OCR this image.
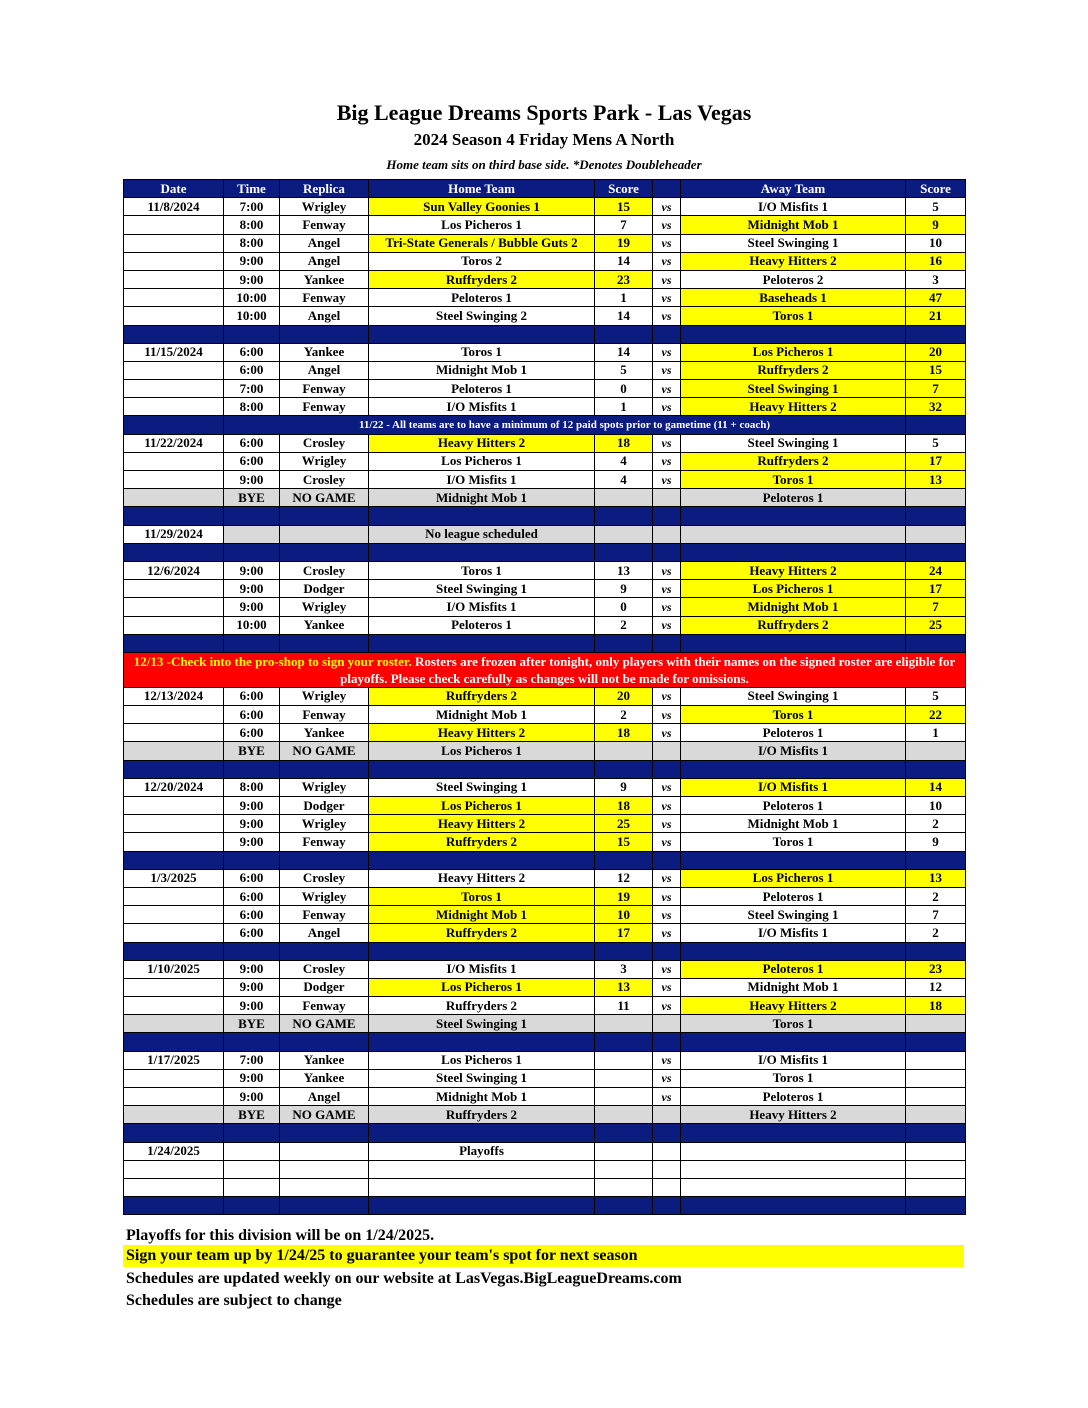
Big League Dreams Sports Park - Las Vegas
2024 Season 4 Friday Mens A North
Home team sits on third base side. *Denotes Doubleheader
Date	Time	Replica	Home Team	Score		Away Team	Score
11/8/2024	7:00	Wrigley	Sun Valley Goonies 1	15	vs	I/O Misfits 1	5
	8:00	Fenway	Los Picheros 1	7	vs	Midnight Mob 1	9
	8:00	Angel	Tri-State Generals / Bubble Guts 2	19	vs	Steel Swinging 1	10
	9:00	Angel	Toros 2	14	vs	Heavy Hitters 2	16
	9:00	Yankee	Ruffryders 2	23	vs	Peloteros 2	3
	10:00	Fenway	Peloteros 1	1	vs	Baseheads 1	47
	10:00	Angel	Steel Swinging 2	14	vs	Toros 1	21

11/15/2024	6:00	Yankee	Toros 1	14	vs	Los Picheros 1	20
	6:00	Angel	Midnight Mob 1	5	vs	Ruffryders 2	15
	7:00	Fenway	Peloteros 1	0	vs	Steel Swinging 1	7
	8:00	Fenway	I/O Misfits 1	1	vs	Heavy Hitters 2	32
	11/22 - All teams are to have a minimum of 12 paid spots prior to gametime (11 + coach)						
11/22/2024	6:00	Crosley	Heavy Hitters 2	18	vs	Steel Swinging 1	5
	6:00	Wrigley	Los Picheros 1	4	vs	Ruffryders 2	17
	9:00	Crosley	I/O Misfits 1	4	vs	Toros 1	13
	BYE	NO GAME	Midnight Mob 1			Peloteros 1	

11/29/2024			No league scheduled				

12/6/2024	9:00	Crosley	Toros 1	13	vs	Heavy Hitters 2	24
	9:00	Dodger	Steel Swinging 1	9	vs	Los Picheros 1	17
	9:00	Wrigley	I/O Misfits 1	0	vs	Midnight Mob 1	7
	10:00	Yankee	Peloteros 1	2	vs	Ruffryders 2	25

12/13 -Check into the pro-shop to sign your roster. Rosters are frozen after tonight, only players with their names on the signed roster are eligible for playoffs. Please check carefully as changes will not be made for omissions.							
12/13/2024	6:00	Wrigley	Ruffryders 2	20	vs	Steel Swinging 1	5
	6:00	Fenway	Midnight Mob 1	2	vs	Toros 1	22
	6:00	Yankee	Heavy Hitters 2	18	vs	Peloteros 1	1
	BYE	NO GAME	Los Picheros 1			I/O Misfits 1	

12/20/2024	8:00	Wrigley	Steel Swinging 1	9	vs	I/O Misfits 1	14
	9:00	Dodger	Los Picheros 1	18	vs	Peloteros 1	10
	9:00	Wrigley	Heavy Hitters 2	25	vs	Midnight Mob 1	2
	9:00	Fenway	Ruffryders 2	15	vs	Toros 1	9

1/3/2025	6:00	Crosley	Heavy Hitters 2	12	vs	Los Picheros 1	13
	6:00	Wrigley	Toros 1	19	vs	Peloteros 1	2
	6:00	Fenway	Midnight Mob 1	10	vs	Steel Swinging 1	7
	6:00	Angel	Ruffryders 2	17	vs	I/O Misfits 1	2

1/10/2025	9:00	Crosley	I/O Misfits 1	3	vs	Peloteros 1	23
	9:00	Dodger	Los Picheros 1	13	vs	Midnight Mob 1	12
	9:00	Fenway	Ruffryders 2	11	vs	Heavy Hitters 2	18
	BYE	NO GAME	Steel Swinging 1			Toros 1	

1/17/2025	7:00	Yankee	Los Picheros 1		vs	I/O Misfits 1	
	9:00	Yankee	Steel Swinging 1		vs	Toros 1	
	9:00	Angel	Midnight Mob 1		vs	Peloteros 1	
	BYE	NO GAME	Ruffryders 2			Heavy Hitters 2	

1/24/2025			Playoffs				

Playoffs for this division will be on 1/24/2025.
Sign your team up by 1/24/25 to guarantee your team's spot for next season
Schedules are updated weekly on our website at LasVegas.BigLeagueDreams.com
Schedules are subject to change
